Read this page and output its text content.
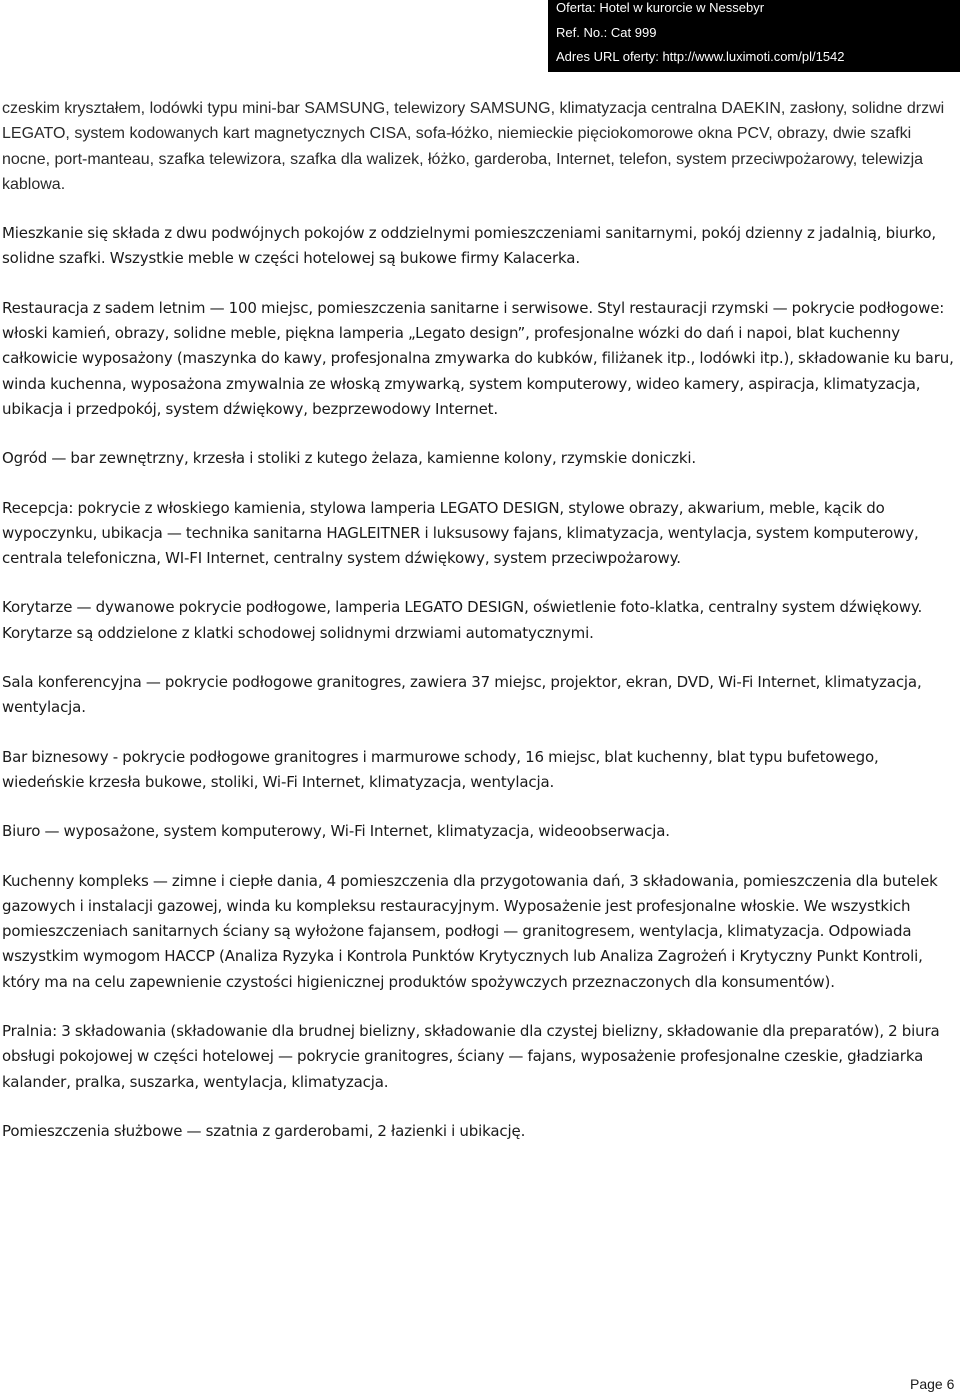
Oferta: Hotel w kurorcie w Nessebyr
Ref. No.: Cat 999
Adres URL oferty: http://www.luximoti.com/pl/1542

czeskim kryształem, lodówki typu mini-bar SAMSUNG, telewizory SAMSUNG, klimatyzacja centralna DAEKIN, zasłony, solidne drzwi LEGATO, system kodowanych kart magnetycznych CISA, sofa-łóżko, niemieckie pięciokomorowe okna PCV, obrazy, dwie szafki nocne, port-manteau, szafka telewizora, szafka dla walizek, łóżko, garderoba, Internet, telefon, system przeciwpożarowy, telewizja kablowa.

Mieszkanie się składa z dwu podwójnych pokojów z oddzielnymi pomieszczeniami sanitarnymi, pokój dzienny z jadalnią, biurko, solidne szafki. Wszystkie meble w części hotelowej są bukowe firmy Kalacerka.

Restauracja z sadem letnim — 100 miejsc, pomieszczenia sanitarne i serwisowe. Styl restauracji rzymski — pokrycie podłogowe: włoski kamień, obrazy, solidne meble, piękna lamperia „Legato design”, profesjonalne wózki do dań i napoi, blat kuchenny całkowicie wyposażony (maszynka do kawy, profesjonalna zmywarka do kubków, filiżanek itp., lodówki itp.), składowanie ku baru, winda kuchenna, wyposażona zmywalnia ze włoską zmywarką, system komputerowy, wideo kamery, aspiracja, klimatyzacja, ubikacja i przedpokój, system dźwiękowy, bezprzewodowy Internet.

Ogród — bar zewnętrzny, krzesła i stoliki z kutego żelaza, kamienne kolony, rzymskie doniczki.

Recepcja: pokrycie z włoskiego kamienia, stylowa lamperia LEGATO DESIGN, stylowe obrazy, akwarium, meble, kącik do wypoczynku, ubikacja — technika sanitarna HAGLEITNER i luksusowy fajans, klimatyzacja, wentylacja, system komputerowy, centrala telefoniczna, WI-FI Internet, centralny system dźwiękowy, system przeciwpożarowy.

Korytarze — dywanowe pokrycie podłogowe, lamperia LEGATO DESIGN, oświetlenie foto-klatka, centralny system dźwiękowy. Korytarze są oddzielone z klatki schodowej solidnymi drzwiami automatycznymi.

Sala konferencyjna — pokrycie podłogowe granitogres, zawiera 37 miejsc, projektor, ekran, DVD, Wi-Fi Internet, klimatyzacja, wentylacja.

Bar biznesowy - pokrycie podłogowe granitogres i marmurowe schody, 16 miejsc, blat kuchenny, blat typu bufetowego, wiedeńskie krzesła bukowe, stoliki, Wi-Fi Internet, klimatyzacja, wentylacja.

Biuro — wyposażone, system komputerowy, Wi-Fi Internet, klimatyzacja, wideoobserwacja.

Kuchenny kompleks — zimne i ciepłe dania, 4 pomieszczenia dla przygotowania dań, 3 składowania, pomieszczenia dla butelek gazowych i instalacji gazowej, winda ku kompleksu restauracyjnym. Wyposażenie jest profesjonalne włoskie. We wszystkich pomieszczeniach sanitarnych ściany są wyłożone fajansem, podłogi — granitogresem, wentylacja, klimatyzacja. Odpowiada wszystkim wymogom HACCP (Analiza Ryzyka i Kontrola Punktów Krytycznych lub Analiza Zagrożeń i Krytyczny Punkt Kontroli, który ma na celu zapewnienie czystości higienicznej produktów spożywczych przeznaczonych dla konsumentów).

Pralnia: 3 składowania (składowanie dla brudnej bielizny, składowanie dla czystej bielizny, składowanie dla preparatów), 2 biura obsługi pokojowej w części hotelowej — pokrycie granitogres, ściany — fajans, wyposażenie profesjonalne czeskie, gładziarka kalander, pralka, suszarka, wentylacja, klimatyzacja.

Pomieszczenia służbowe — szatnia z garderobami, 2 łazienki i ubikację.

Page 6
